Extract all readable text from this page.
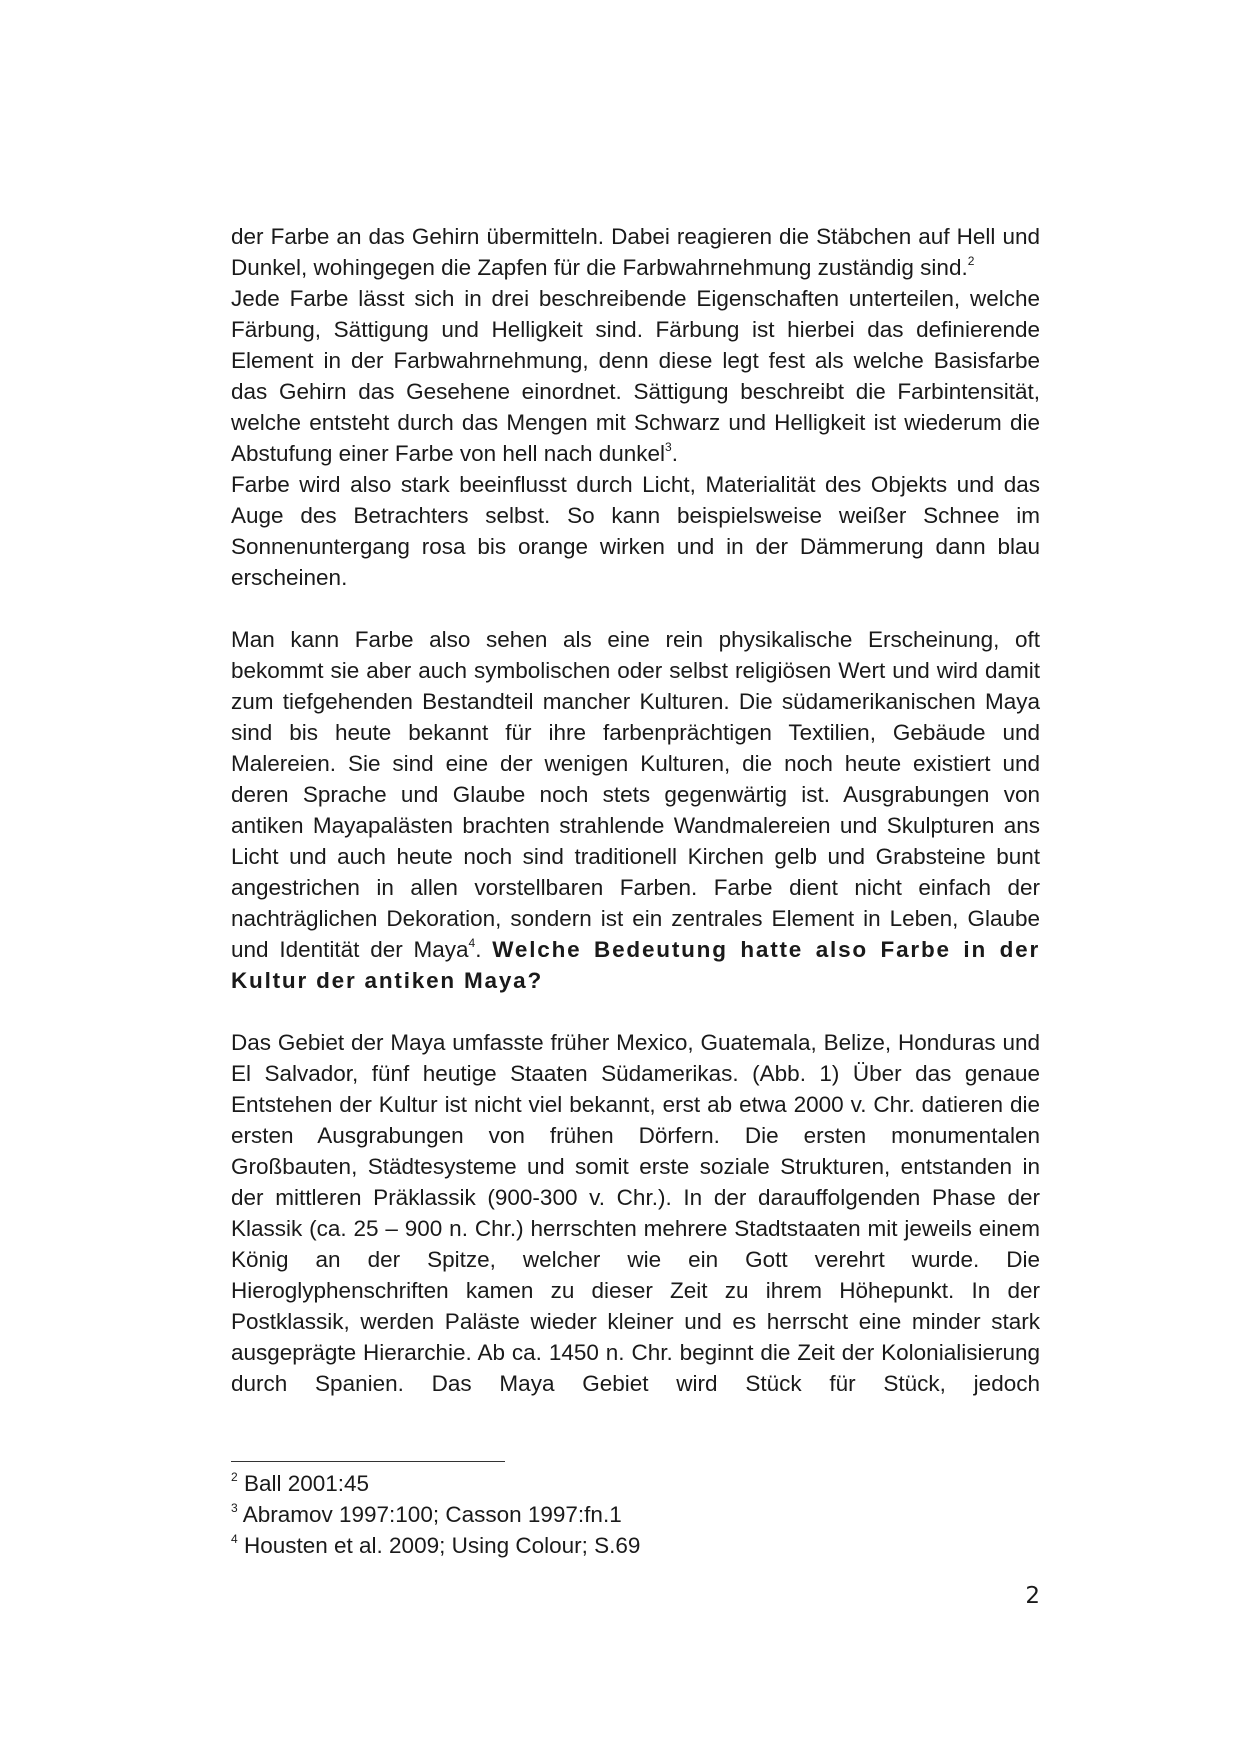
der Farbe an das Gehirn übermitteln. Dabei reagieren die Stäbchen auf Hell und Dunkel, wohingegen die Zapfen für die Farbwahrnehmung zuständig sind.$^2$

Jede Farbe lässt sich in drei beschreibende Eigenschaften unterteilen, welche Färbung, Sättigung und Helligkeit sind. Färbung ist hierbei das definierende Element in der Farbwahrnehmung, denn diese legt fest als welche Basisfarbe das Gehirn das Gesehene einordnet. Sättigung beschreibt die Farbintensität, welche entsteht durch das Mengen mit Schwarz und Helligkeit ist wiederum die Abstufung einer Farbe von hell nach dunkel$^3$.

Farbe wird also stark beeinflusst durch Licht, Materialität des Objekts und das Auge des Betrachters selbst. So kann beispielsweise weißer Schnee im Sonnenuntergang rosa bis orange wirken und in der Dämmerung dann blau erscheinen.

Man kann Farbe also sehen als eine rein physikalische Erscheinung, oft bekommt sie aber auch symbolischen oder selbst religiösen Wert und wird damit zum tiefgehenden Bestandteil mancher Kulturen. Die südamerikanischen Maya sind bis heute bekannt für ihre farbenprächtigen Textilien, Gebäude und Malereien. Sie sind eine der wenigen Kulturen, die noch heute existiert und deren Sprache und Glaube noch stets gegenwärtig ist. Ausgrabungen von antiken Mayapalästen brachten strahlende Wandmalereien und Skulpturen ans Licht und auch heute noch sind traditionell Kirchen gelb und Grabsteine bunt angestrichen in allen vorstellbaren Farben. Farbe dient nicht einfach der nachträglichen Dekoration, sondern ist ein zentrales Element in Leben, Glaube und Identität der Maya$^4$. Welche Bedeutung hatte also Farbe in der Kultur der antiken Maya?

Das Gebiet der Maya umfasste früher Mexico, Guatemala, Belize, Honduras und El Salvador, fünf heutige Staaten Südamerikas. (Abb. 1) Über das genaue Entstehen der Kultur ist nicht viel bekannt, erst ab etwa 2000 v. Chr. datieren die ersten Ausgrabungen von frühen Dörfern. Die ersten monumentalen Großbauten, Städtesysteme und somit erste soziale Strukturen, entstanden in der mittleren Präklassik (900-300 v. Chr.). In der darauffolgenden Phase der Klassik (ca. 25 – 900 n. Chr.) herrschten mehrere Stadtstaaten mit jeweils einem König an der Spitze, welcher wie ein Gott verehrt wurde. Die Hieroglyphenschriften kamen zu dieser Zeit zu ihrem Höhepunkt. In der Postklassik, werden Paläste wieder kleiner und es herrscht eine minder stark ausgeprägte Hierarchie. Ab ca. 1450 n. Chr. beginnt die Zeit der Kolonialisierung durch Spanien. Das Maya Gebiet wird Stück für Stück, jedoch

$^2$ Ball 2001:45

$^3$ Abramov 1997:100; Casson 1997:fn.1

$^4$ Housten et al. 2009; Using Colour; S.69

2
